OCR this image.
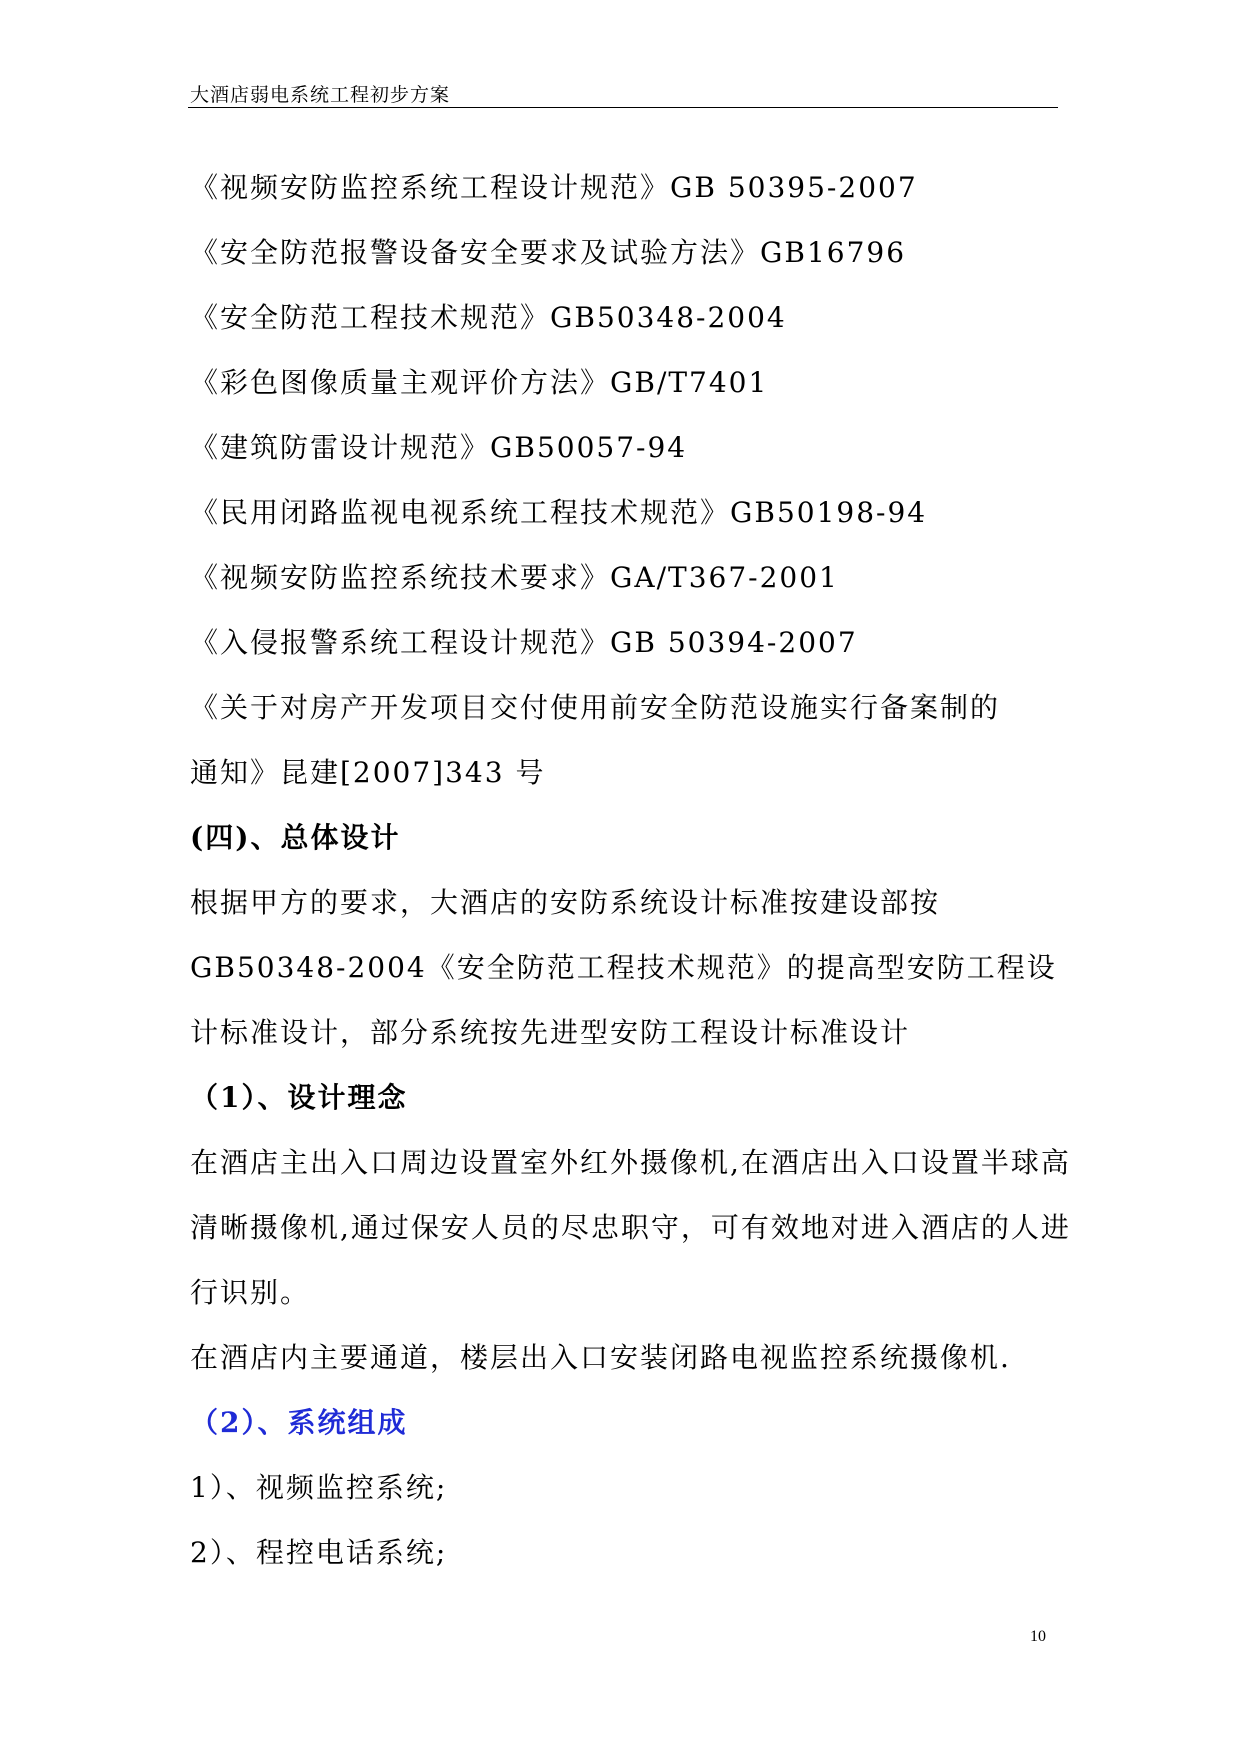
大酒店弱电系统工程初步方案

《视频安防监控系统工程设计规范》GB 50395-2007

《安全防范报警设备安全要求及试验方法》GB16796

《安全防范工程技术规范》GB50348-2004

《彩色图像质量主观评价方法》GB/T7401

《建筑防雷设计规范》GB50057-94

《民用闭路监视电视系统工程技术规范》GB50198-94

《视频安防监控系统技术要求》GA/T367-2001

《入侵报警系统工程设计规范》GB 50394-2007

《关于对房产开发项目交付使用前安全防范设施实行备案制的

通知》昆建[2007]343 号

(四)、总体设计

根据甲方的要求，大酒店的安防系统设计标准按建设部按

GB50348-2004《安全防范工程技术规范》的提高型安防工程设

计标准设计，部分系统按先进型安防工程设计标准设计

（1）、设计理念

在酒店主出入口周边设置室外红外摄像机,在酒店出入口设置半球高

清晰摄像机,通过保安人员的尽忠职守，可有效地对进入酒店的人进

行识别。

在酒店内主要通道，楼层出入口安装闭路电视监控系统摄像机.

（2）、系统组成

1）、视频监控系统;

2）、程控电话系统;

10
